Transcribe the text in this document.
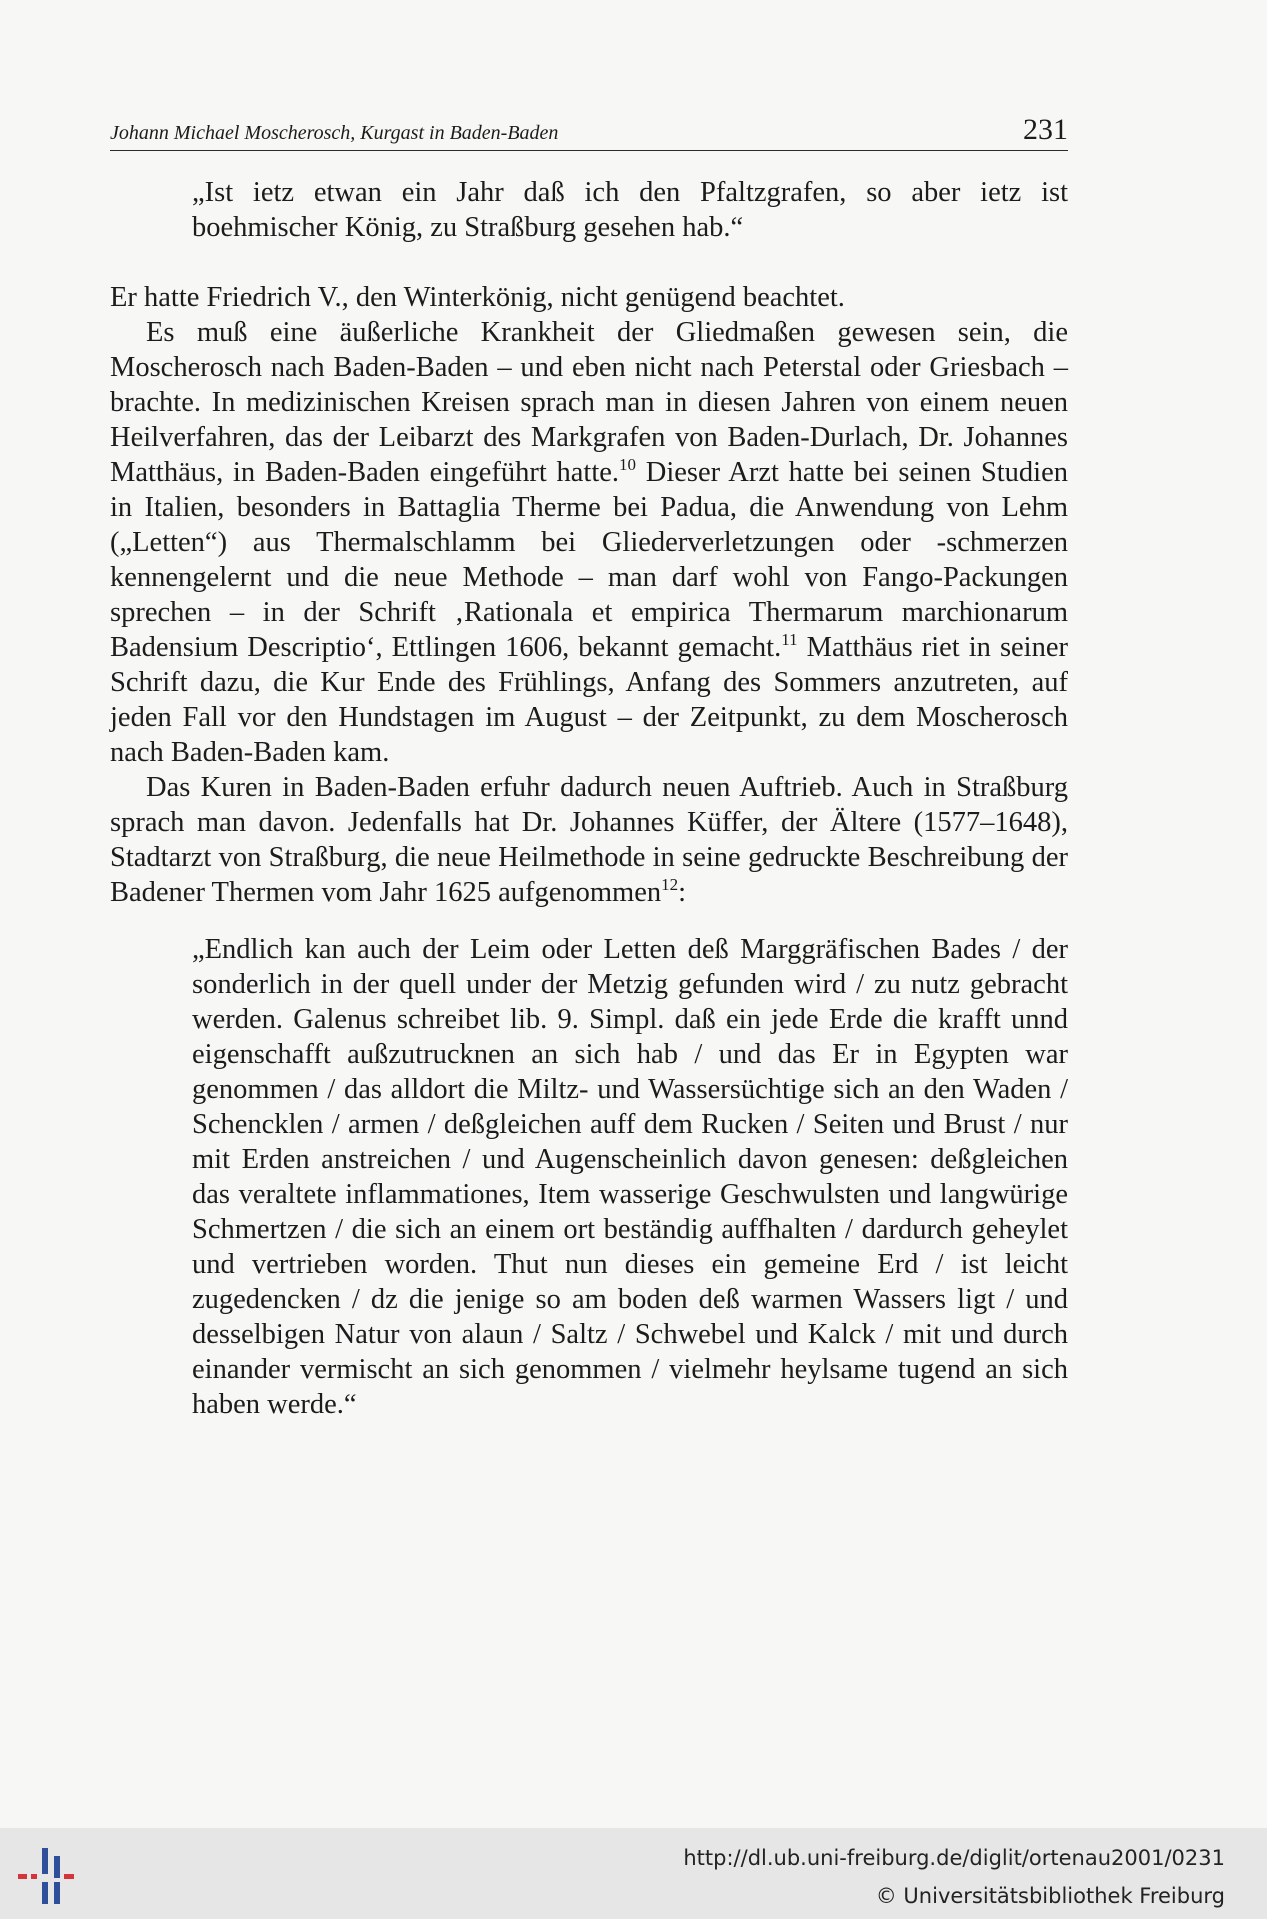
Johann Michael Moscherosch, Kurgast in Baden-Baden	231

„Ist ietz etwan ein Jahr daß ich den Pfaltzgrafen, so aber ietz ist boehmischer König, zu Straßburg gesehen hab.“

Er hatte Friedrich V., den Winterkönig, nicht genügend beachtet.

Es muß eine äußerliche Krankheit der Gliedmaßen gewesen sein, die Moscherosch nach Baden-Baden – und eben nicht nach Peterstal oder Griesbach – brachte. In medizinischen Kreisen sprach man in diesen Jahren von einem neuen Heilverfahren, das der Leibarzt des Markgrafen von Baden-Durlach, Dr. Johannes Matthäus, in Baden-Baden eingeführt hatte.$^{10}$ Dieser Arzt hatte bei seinen Studien in Italien, besonders in Battaglia Therme bei Padua, die Anwendung von Lehm („Letten“) aus Thermalschlamm bei Gliederverletzungen oder -schmerzen kennengelernt und die neue Methode – man darf wohl von Fango-Packungen sprechen – in der Schrift ‚Rationala et empirica Thermarum marchionarum Badensium Descriptio‘, Ettlingen 1606, bekannt gemacht.$^{11}$ Matthäus riet in seiner Schrift dazu, die Kur Ende des Frühlings, Anfang des Sommers anzutreten, auf jeden Fall vor den Hundstagen im August – der Zeitpunkt, zu dem Moscherosch nach Baden-Baden kam.

Das Kuren in Baden-Baden erfuhr dadurch neuen Auftrieb. Auch in Straßburg sprach man davon. Jedenfalls hat Dr. Johannes Küffer, der Ältere (1577–1648), Stadtarzt von Straßburg, die neue Heilmethode in seine gedruckte Beschreibung der Badener Thermen vom Jahr 1625 aufgenommen$^{12}$:

„Endlich kan auch der Leim oder Letten deß Marggräfischen Bades / der sonderlich in der quell under der Metzig gefunden wird / zu nutz gebracht werden. Galenus schreibet lib. 9. Simpl. daß ein jede Erde die krafft unnd eigenschafft außzutrucknen an sich hab / und das Er in Egypten war genommen / das alldort die Miltz- und Wassersüchtige sich an den Waden / Schencklen / armen / deßgleichen auff dem Rucken / Seiten und Brust / nur mit Erden anstreichen / und Augenscheinlich davon genesen: deßgleichen das veraltete inflammationes, Item wasserige Geschwulsten und langwürige Schmertzen / die sich an einem ort beständig auffhalten / dardurch geheylet und vertrieben worden. Thut nun dieses ein gemeine Erd / ist leicht zugedencken / dz die jenige so am boden deß warmen Wassers ligt / und desselbigen Natur von alaun / Saltz / Schwebel und Kalck / mit und durch einander vermischt an sich genommen / vielmehr heylsame tugend an sich haben werde.“

http://dl.ub.uni-freiburg.de/diglit/ortenau2001/0231
© Universitätsbibliothek Freiburg
